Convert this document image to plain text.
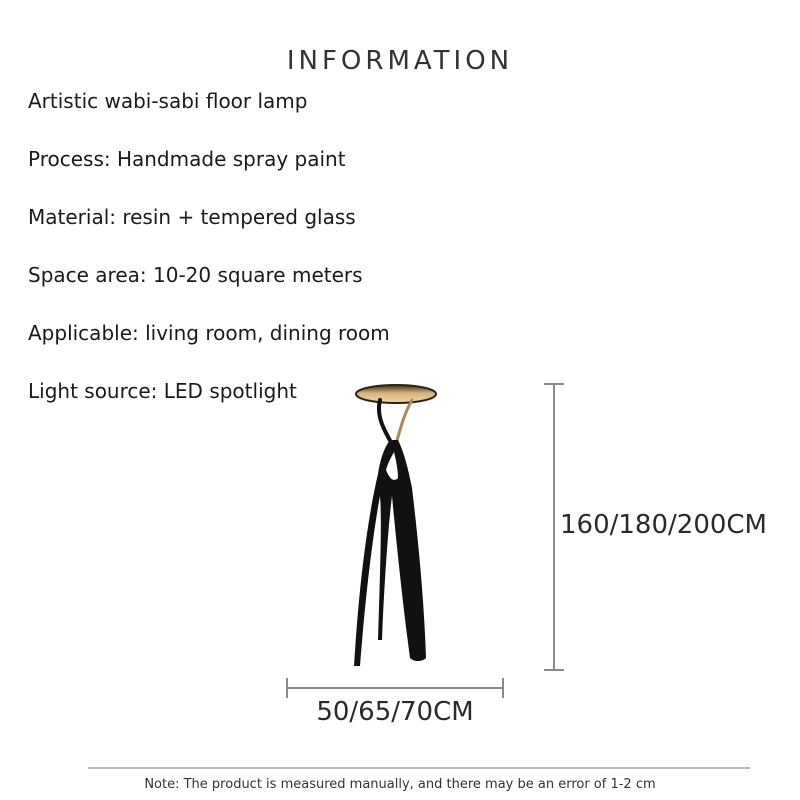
INFORMATION
Artistic wabi-sabi floor lamp
Process: Handmade spray paint
Material: resin + tempered glass
Space area: 10-20 square meters
Applicable: living room, dining room
Light source: LED spotlight
160/180/200CM
50/65/70CM
Note: The product is measured manually, and there may be an error of 1-2 cm
